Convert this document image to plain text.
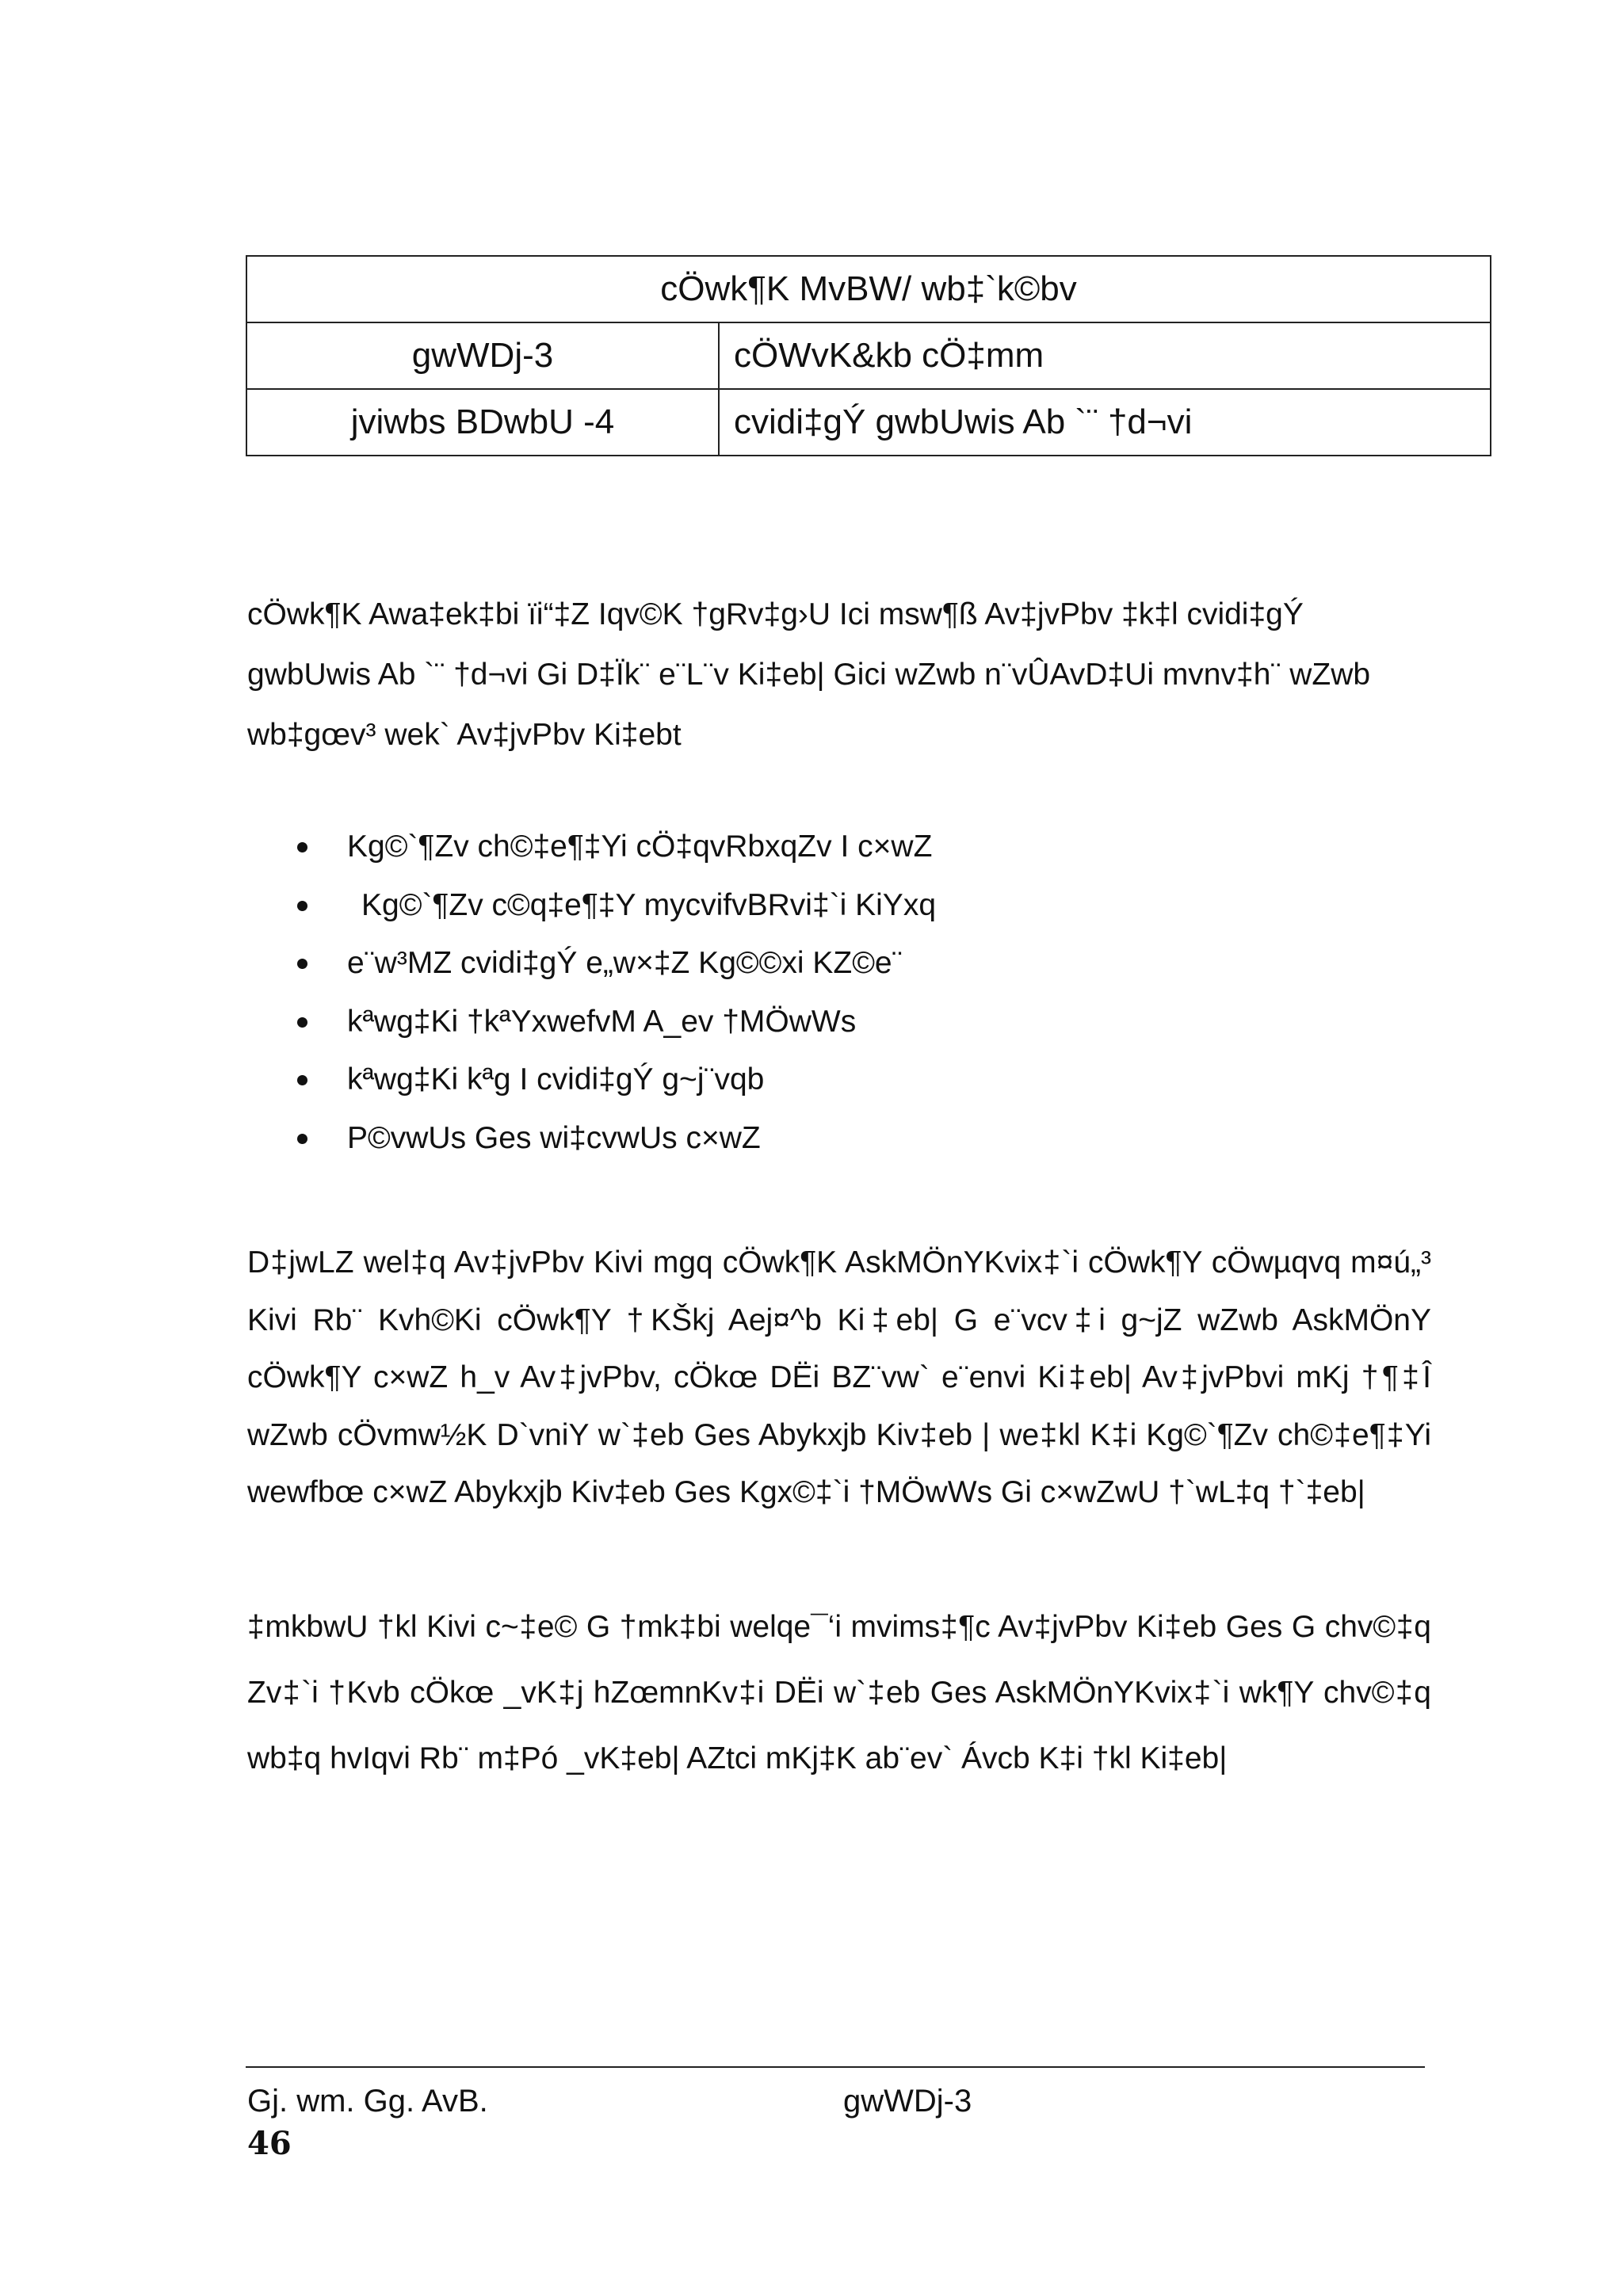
cÖwk¶K MvBW/ wb‡`k©bv	
gwWDj-3	cÖWvK&kb cÖ‡mm
jviwbs BDwbU -4	cvidi‡gÝ gwbUwis Ab `¨ †d¬vi
cÖwk¶K Awa‡ek‡bi ïi“‡Z Iqv©K †gRv‡g›U Ici msw¶ß Av‡jvPbv ‡k‡l cvidi‡gÝ gwbUwis Ab `¨ †d¬vi Gi D‡Ïk¨ e¨L¨v Ki‡eb| Gici wZwb n¨vÛAvD‡Ui mvnv‡h¨ wZwb wb‡gœv³ wek` Av‡jvPbv Ki‡ebt
Kg©`¶Zv ch©‡e¶‡Yi cÖ‡qvRbxqZv I c×wZ
Kg©`¶Zv c©q‡e¶‡Y mycvifvBRvi‡`i KiYxq
e¨w³MZ cvidi‡gÝ e„w×‡Z Kg©©xi KZ©e¨
kªwg‡Ki †kªYxwefvM A_ev †MÖwWs
kªwg‡Ki kªg I cvidi‡gÝ g~j¨vqb
P©vwUs Ges wi‡cvwUs c×wZ
D‡jwLZ wel‡q Av‡jvPbv Kivi mgq cÖwk¶K AskMÖnYKvix‡`i cÖwk¶Y cÖwµqvq m¤ú„³ Kivi Rb¨ Kvh©Ki cÖwk¶Y †KŠkj Aej¤^b Ki‡eb| G e¨vcv‡i g~jZ wZwb AskMÖnY cÖwk¶Y c×wZ h_v Av‡jvPbv, cÖkœ DËi BZ¨vw` e¨envi Ki‡eb| Av‡jvPbvi mKj †¶‡Î wZwb cÖvmw½K D`vniY w`‡eb Ges Abykxjb Kiv‡eb | we‡kl K‡i Kg©`¶Zv ch©‡e¶‡Yi wewfbœ c×wZ Abykxjb Kiv‡eb Ges Kgx©‡`i †MÖwWs Gi c×wZwU †`wL‡q †`‡eb|
‡mkbwU †kl Kivi c~‡e© G †mk‡bi welqe¯‘i mvims‡¶c Av‡jvPbv Ki‡eb Ges G chv©‡q Zv‡`i †Kvb cÖkœ _vK‡j hZœmnKv‡i DËi w`‡eb Ges AskMÖnYKvix‡`i wk¶Y chv©‡q wb‡q hvIqvi Rb¨ m‡Pó _vK‡eb| AZtci mKj‡K ab¨ev` Ávcb K‡i †kl Ki‡eb|
Gj. wm. Gg. AvB.	gwWDj-3
46
